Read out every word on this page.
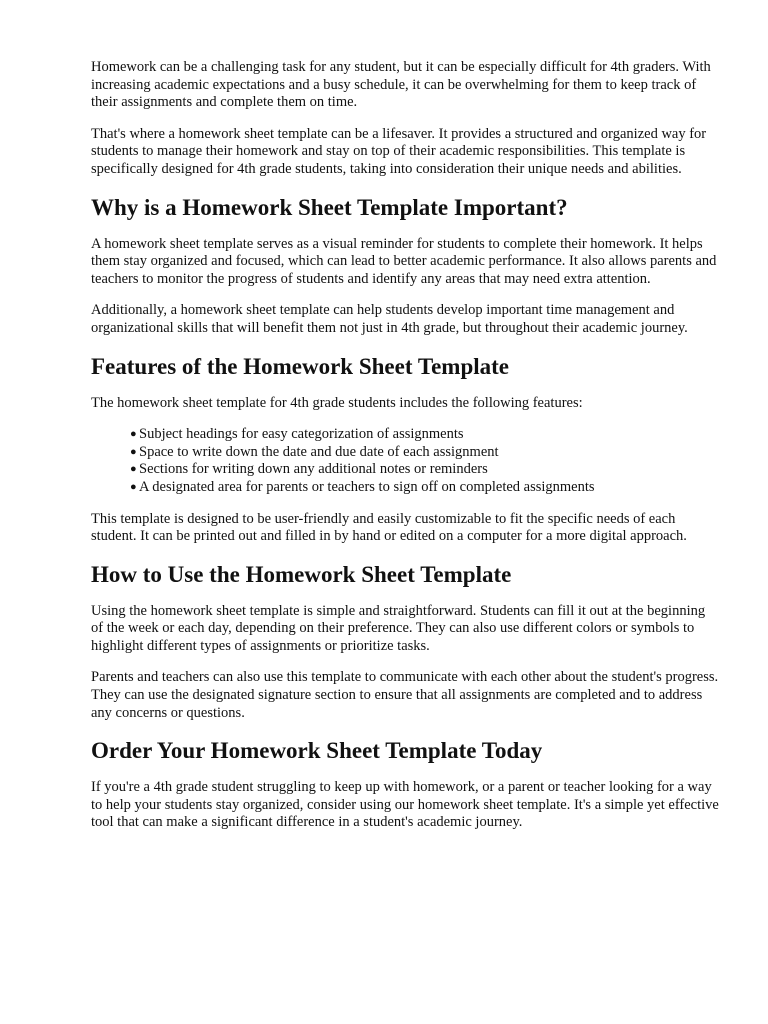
Homework can be a challenging task for any student, but it can be especially difficult for 4th graders. With increasing academic expectations and a busy schedule, it can be overwhelming for them to keep track of their assignments and complete them on time.

That's where a homework sheet template can be a lifesaver. It provides a structured and organized way for students to manage their homework and stay on top of their academic responsibilities. This template is specifically designed for 4th grade students, taking into consideration their unique needs and abilities.

Why is a Homework Sheet Template Important?

A homework sheet template serves as a visual reminder for students to complete their homework. It helps them stay organized and focused, which can lead to better academic performance. It also allows parents and teachers to monitor the progress of students and identify any areas that may need extra attention.

Additionally, a homework sheet template can help students develop important time management and organizational skills that will benefit them not just in 4th grade, but throughout their academic journey.

Features of the Homework Sheet Template

The homework sheet template for 4th grade students includes the following features:

● Subject headings for easy categorization of assignments
● Space to write down the date and due date of each assignment
● Sections for writing down any additional notes or reminders
● A designated area for parents or teachers to sign off on completed assignments

This template is designed to be user-friendly and easily customizable to fit the specific needs of each student. It can be printed out and filled in by hand or edited on a computer for a more digital approach.

How to Use the Homework Sheet Template

Using the homework sheet template is simple and straightforward. Students can fill it out at the beginning of the week or each day, depending on their preference. They can also use different colors or symbols to highlight different types of assignments or prioritize tasks.

Parents and teachers can also use this template to communicate with each other about the student's progress. They can use the designated signature section to ensure that all assignments are completed and to address any concerns or questions.

Order Your Homework Sheet Template Today

If you're a 4th grade student struggling to keep up with homework, or a parent or teacher looking for a way to help your students stay organized, consider using our homework sheet template. It's a simple yet effective tool that can make a significant difference in a student's academic journey.
